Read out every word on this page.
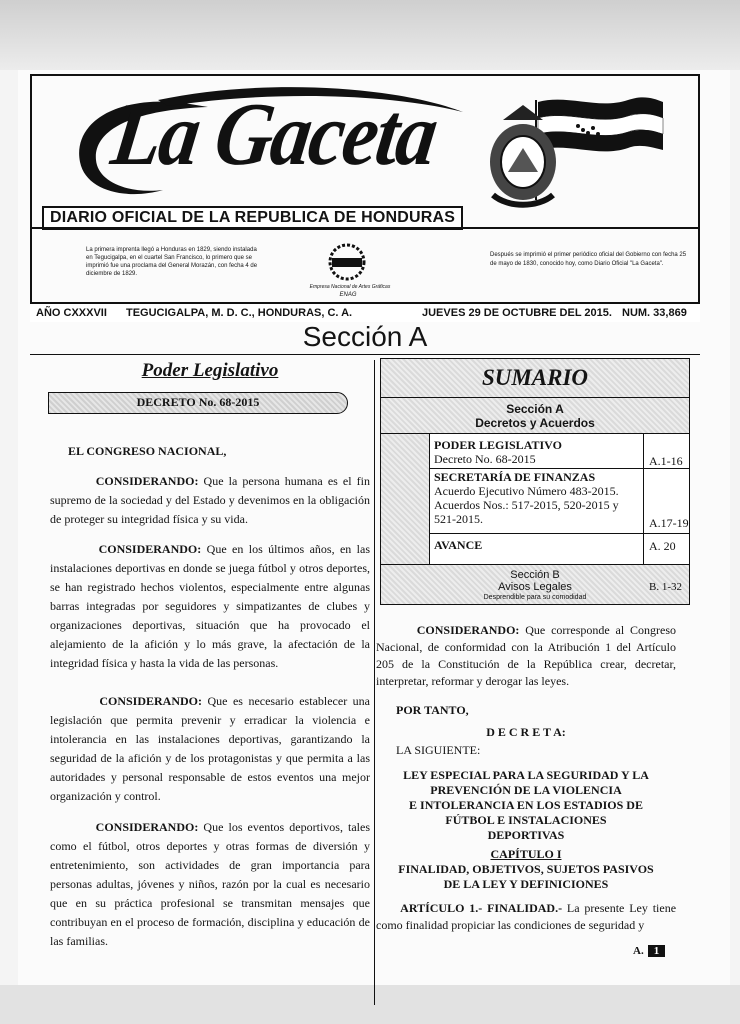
La Gaceta
DIARIO OFICIAL DE LA REPUBLICA DE HONDURAS
La primera imprenta llegó a Honduras en 1829, siendo instalada en Tegucigalpa, en el cuartel San Francisco, lo primero que se imprimió fue una proclama del General Morazán, con fecha 4 de diciembre de 1829.
Empresa Nacional de Artes Gráficas
ENAG
Después se imprimió el primer periódico oficial del Gobierno con fecha 25 de mayo de 1830, conocido hoy, como Diario Oficial "La Gaceta".
AÑO CXXXVII TEGUCIGALPA, M. D. C., HONDURAS, C. A.	JUEVES 29 DE OCTUBRE DEL 2015. NUM. 33,869
Sección A
Poder Legislativo
DECRETO No. 68-2015
EL CONGRESO NACIONAL,
CONSIDERANDO: Que la persona humana es el fin supremo de la sociedad y del Estado y devenimos en la obligación de proteger su integridad física y su vida.
CONSIDERANDO: Que en los últimos años, en las instalaciones deportivas en donde se juega fútbol y otros deportes, se han registrado hechos violentos, especialmente entre algunas barras integradas por seguidores y simpatizantes de clubes y organizaciones deportivas, situación que ha provocado el alejamiento de la afición y lo más grave, la afectación de la integridad física y hasta la vida de las personas.
CONSIDERANDO: Que es necesario establecer una legislación que permita prevenir y erradicar la violencia e intolerancia en las instalaciones deportivas, garantizando la seguridad de la afición y de los protagonistas y que permita a las autoridades y personal responsable de estos eventos una mejor organización y control.
CONSIDERANDO: Que los eventos deportivos, tales como el fútbol, otros deportes y otras formas de diversión y entretenimiento, son actividades de gran importancia para personas adultas, jóvenes y niños, razón por la cual es necesario que en su práctica profesional se transmitan mensajes que contribuyan en el proceso de formación, disciplina y educación de las familias.
SUMARIO
Sección A
Decretos y Acuerdos
PODER LEGISLATIVO
Decreto No. 68-2015
SECRETARÍA DE FINANZAS
Acuerdo Ejecutivo Número 483-2015.
Acuerdos Nos.: 517-2015, 520-2015 y
521-2015.
AVANCE
A.1-16
A.17-19
A. 20
Sección B
Avisos Legales
Desprendible para su comodidad
B. 1-32
CONSIDERANDO: Que corresponde al Congreso Nacional, de conformidad con la Atribución 1 del Artículo 205 de la Constitución de la República crear, decretar, interpretar, reformar y derogar las leyes.
POR TANTO,
D E C R E T A:
LA SIGUIENTE:
LEY ESPECIAL PARA LA SEGURIDAD Y LA
PREVENCIÓN DE LA VIOLENCIA
E INTOLERANCIA EN LOS ESTADIOS DE
FÚTBOL E INSTALACIONES
DEPORTIVAS
CAPÍTULO I
FINALIDAD, OBJETIVOS, SUJETOS PASIVOS
DE LA LEY Y DEFINICIONES
ARTÍCULO 1.- FINALIDAD.- La presente Ley tiene como finalidad propiciar las condiciones de seguridad y
A. 1
